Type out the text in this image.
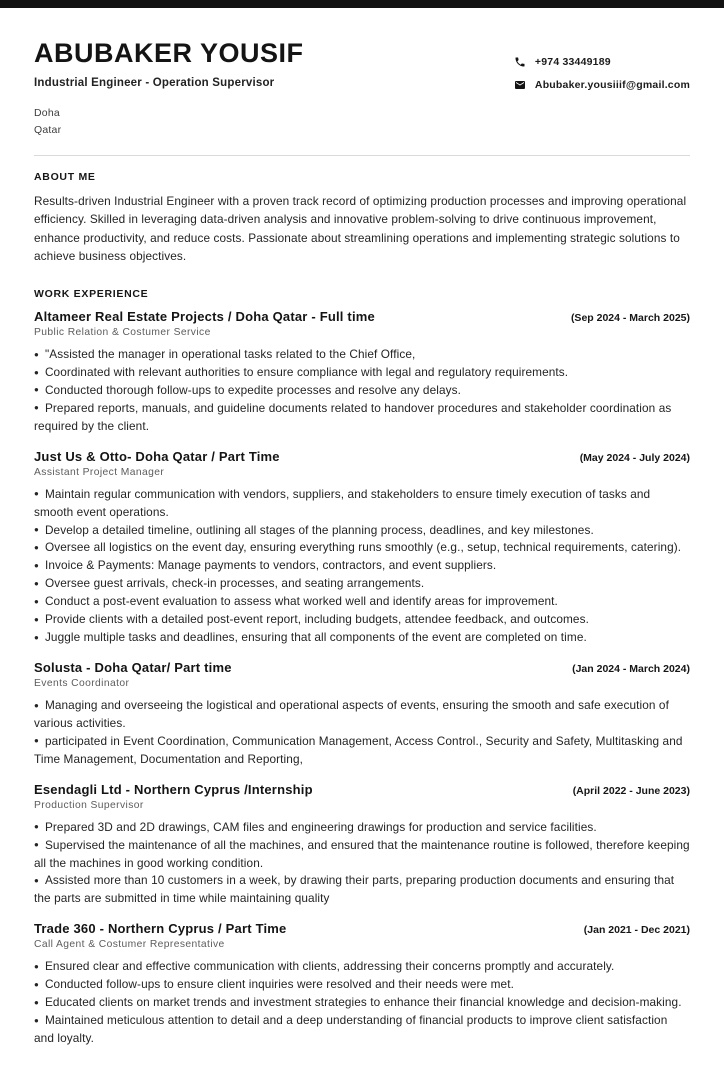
ABUBAKER YOUSIF
Industrial Engineer - Operation Supervisor
Doha
Qatar
+974 33449189
Abubaker.yousiiif@gmail.com
ABOUT ME

Results-driven Industrial Engineer with a proven track record of optimizing production processes and improving operational efficiency. Skilled in leveraging data-driven analysis and innovative problem-solving to drive continuous improvement, enhance productivity, and reduce costs. Passionate about streamlining operations and implementing strategic solutions to achieve business objectives.

WORK EXPERIENCE
Altameer Real Estate Projects / Doha Qatar - Full time	(Sep 2024 - March 2025)
Public Relation & Costumer Service
● "Assisted the manager in operational tasks related to the Chief Office,
● Coordinated with relevant authorities to ensure compliance with legal and regulatory requirements.
● Conducted thorough follow-ups to expedite processes and resolve any delays.
● Prepared reports, manuals, and guideline documents related to handover procedures and stakeholder coordination as required by the client.
Just Us & Otto- Doha Qatar / Part Time	(May 2024 - July 2024)
Assistant Project Manager
● Maintain regular communication with vendors, suppliers, and stakeholders to ensure timely execution of tasks and smooth event operations.
● Develop a detailed timeline, outlining all stages of the planning process, deadlines, and key milestones.
● Oversee all logistics on the event day, ensuring everything runs smoothly (e.g., setup, technical requirements, catering).
● Invoice & Payments: Manage payments to vendors, contractors, and event suppliers.
● Oversee guest arrivals, check-in processes, and seating arrangements.
● Conduct a post-event evaluation to assess what worked well and identify areas for improvement.
● Provide clients with a detailed post-event report, including budgets, attendee feedback, and outcomes.
● Juggle multiple tasks and deadlines, ensuring that all components of the event are completed on time.
Solusta - Doha Qatar/ Part time	(Jan 2024 - March 2024)
Events Coordinator
● Managing and overseeing the logistical and operational aspects of events, ensuring the smooth and safe execution of various activities.
● participated in Event Coordination, Communication Management, Access Control., Security and Safety, Multitasking and Time Management, Documentation and Reporting,
Esendagli Ltd - Northern Cyprus /Internship	(April 2022 - June 2023)
Production Supervisor
● Prepared 3D and 2D drawings, CAM files and engineering drawings for production and service facilities.
● Supervised the maintenance of all the machines, and ensured that the maintenance routine is followed, therefore keeping all the machines in good working condition.
● Assisted more than 10 customers in a week, by drawing their parts, preparing production documents and ensuring that the parts are submitted in time while maintaining quality
Trade 360 - Northern Cyprus / Part Time	(Jan 2021 - Dec 2021)
Call Agent & Costumer Representative
● Ensured clear and effective communication with clients, addressing their concerns promptly and accurately.
● Conducted follow-ups to ensure client inquiries were resolved and their needs were met.
● Educated clients on market trends and investment strategies to enhance their financial knowledge and decision-making.
● Maintained meticulous attention to detail and a deep understanding of financial products to improve client satisfaction and loyalty.
